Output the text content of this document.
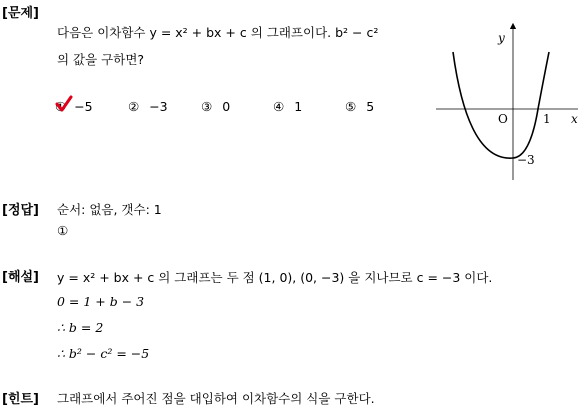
[문제]
다음은 이차함수 y = x² + bx + c 의 그래프이다. b² − c²
의 값을 구하면?
① −5	② −3	③ 0	④ 1	⑤ 5
y
x
O	1
−3
[정답] 순서: 없음, 갯수: 1
①
[해설] y = x² + bx + c 의 그래프는 두 점 (1, 0), (0, −3) 을 지나므로 c = −3 이다.
0 = 1 + b − 3
∴ b = 2
∴ b² − c² = −5
[힌트] 그래프에서 주어진 점을 대입하여 이차함수의 식을 구한다.
